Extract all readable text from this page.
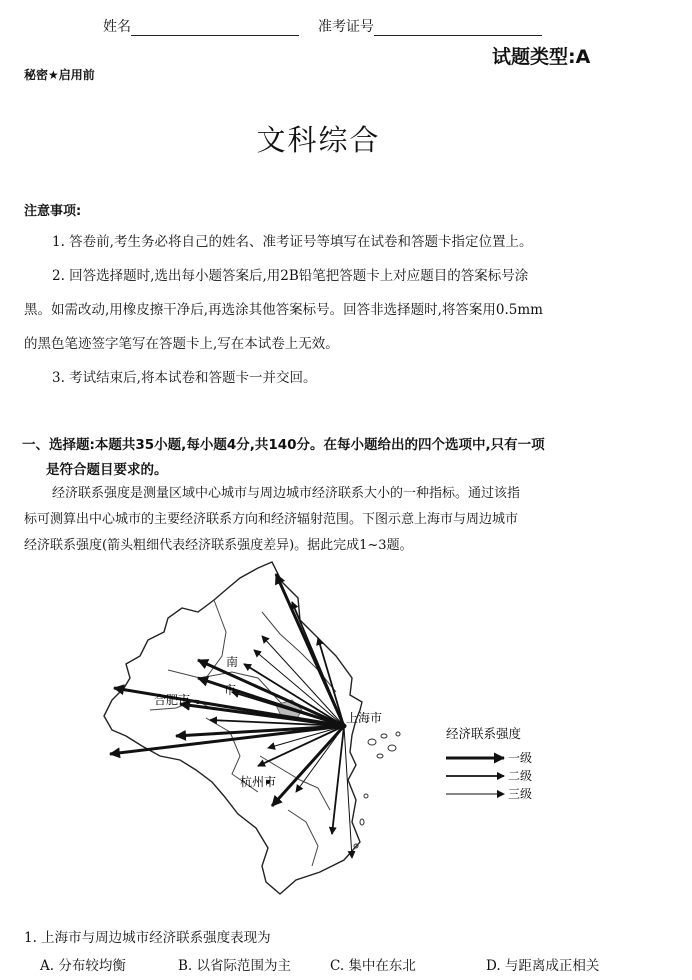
姓名	准考证号
试题类型:A
秘密★启用前
文科综合
注意事项:
1. 答卷前,考生务必将自己的姓名、准考证号等填写在试卷和答题卡指定位置上。
2. 回答选择题时,选出每小题答案后,用2B铅笔把答题卡上对应题目的答案标号涂
黑。如需改动,用橡皮擦干净后,再选涂其他答案标号。回答非选择题时,将答案用0.5mm
的黑色笔迹签字笔写在答题卡上,写在本试卷上无效。
3. 考试结束后,将本试卷和答题卡一并交回。
一、选择题:本题共35小题,每小题4分,共140分。在每小题给出的四个选项中,只有一项
是符合题目要求的。
经济联系强度是测量区域中心城市与周边城市经济联系大小的一种指标。通过该指
标可测算出中心城市的主要经济联系方向和经济辐射范围。下图示意上海市与周边城市
经济联系强度(箭头粗细代表经济联系强度差异)。据此完成1~3题。
上海市
合肥市
杭州市
南
市
经济联系强度
一级
二级
三级
1. 上海市与周边城市经济联系强度表现为
A. 分布较均衡	B. 以省际范围为主	C. 集中在东北	D. 与距离成正相关
